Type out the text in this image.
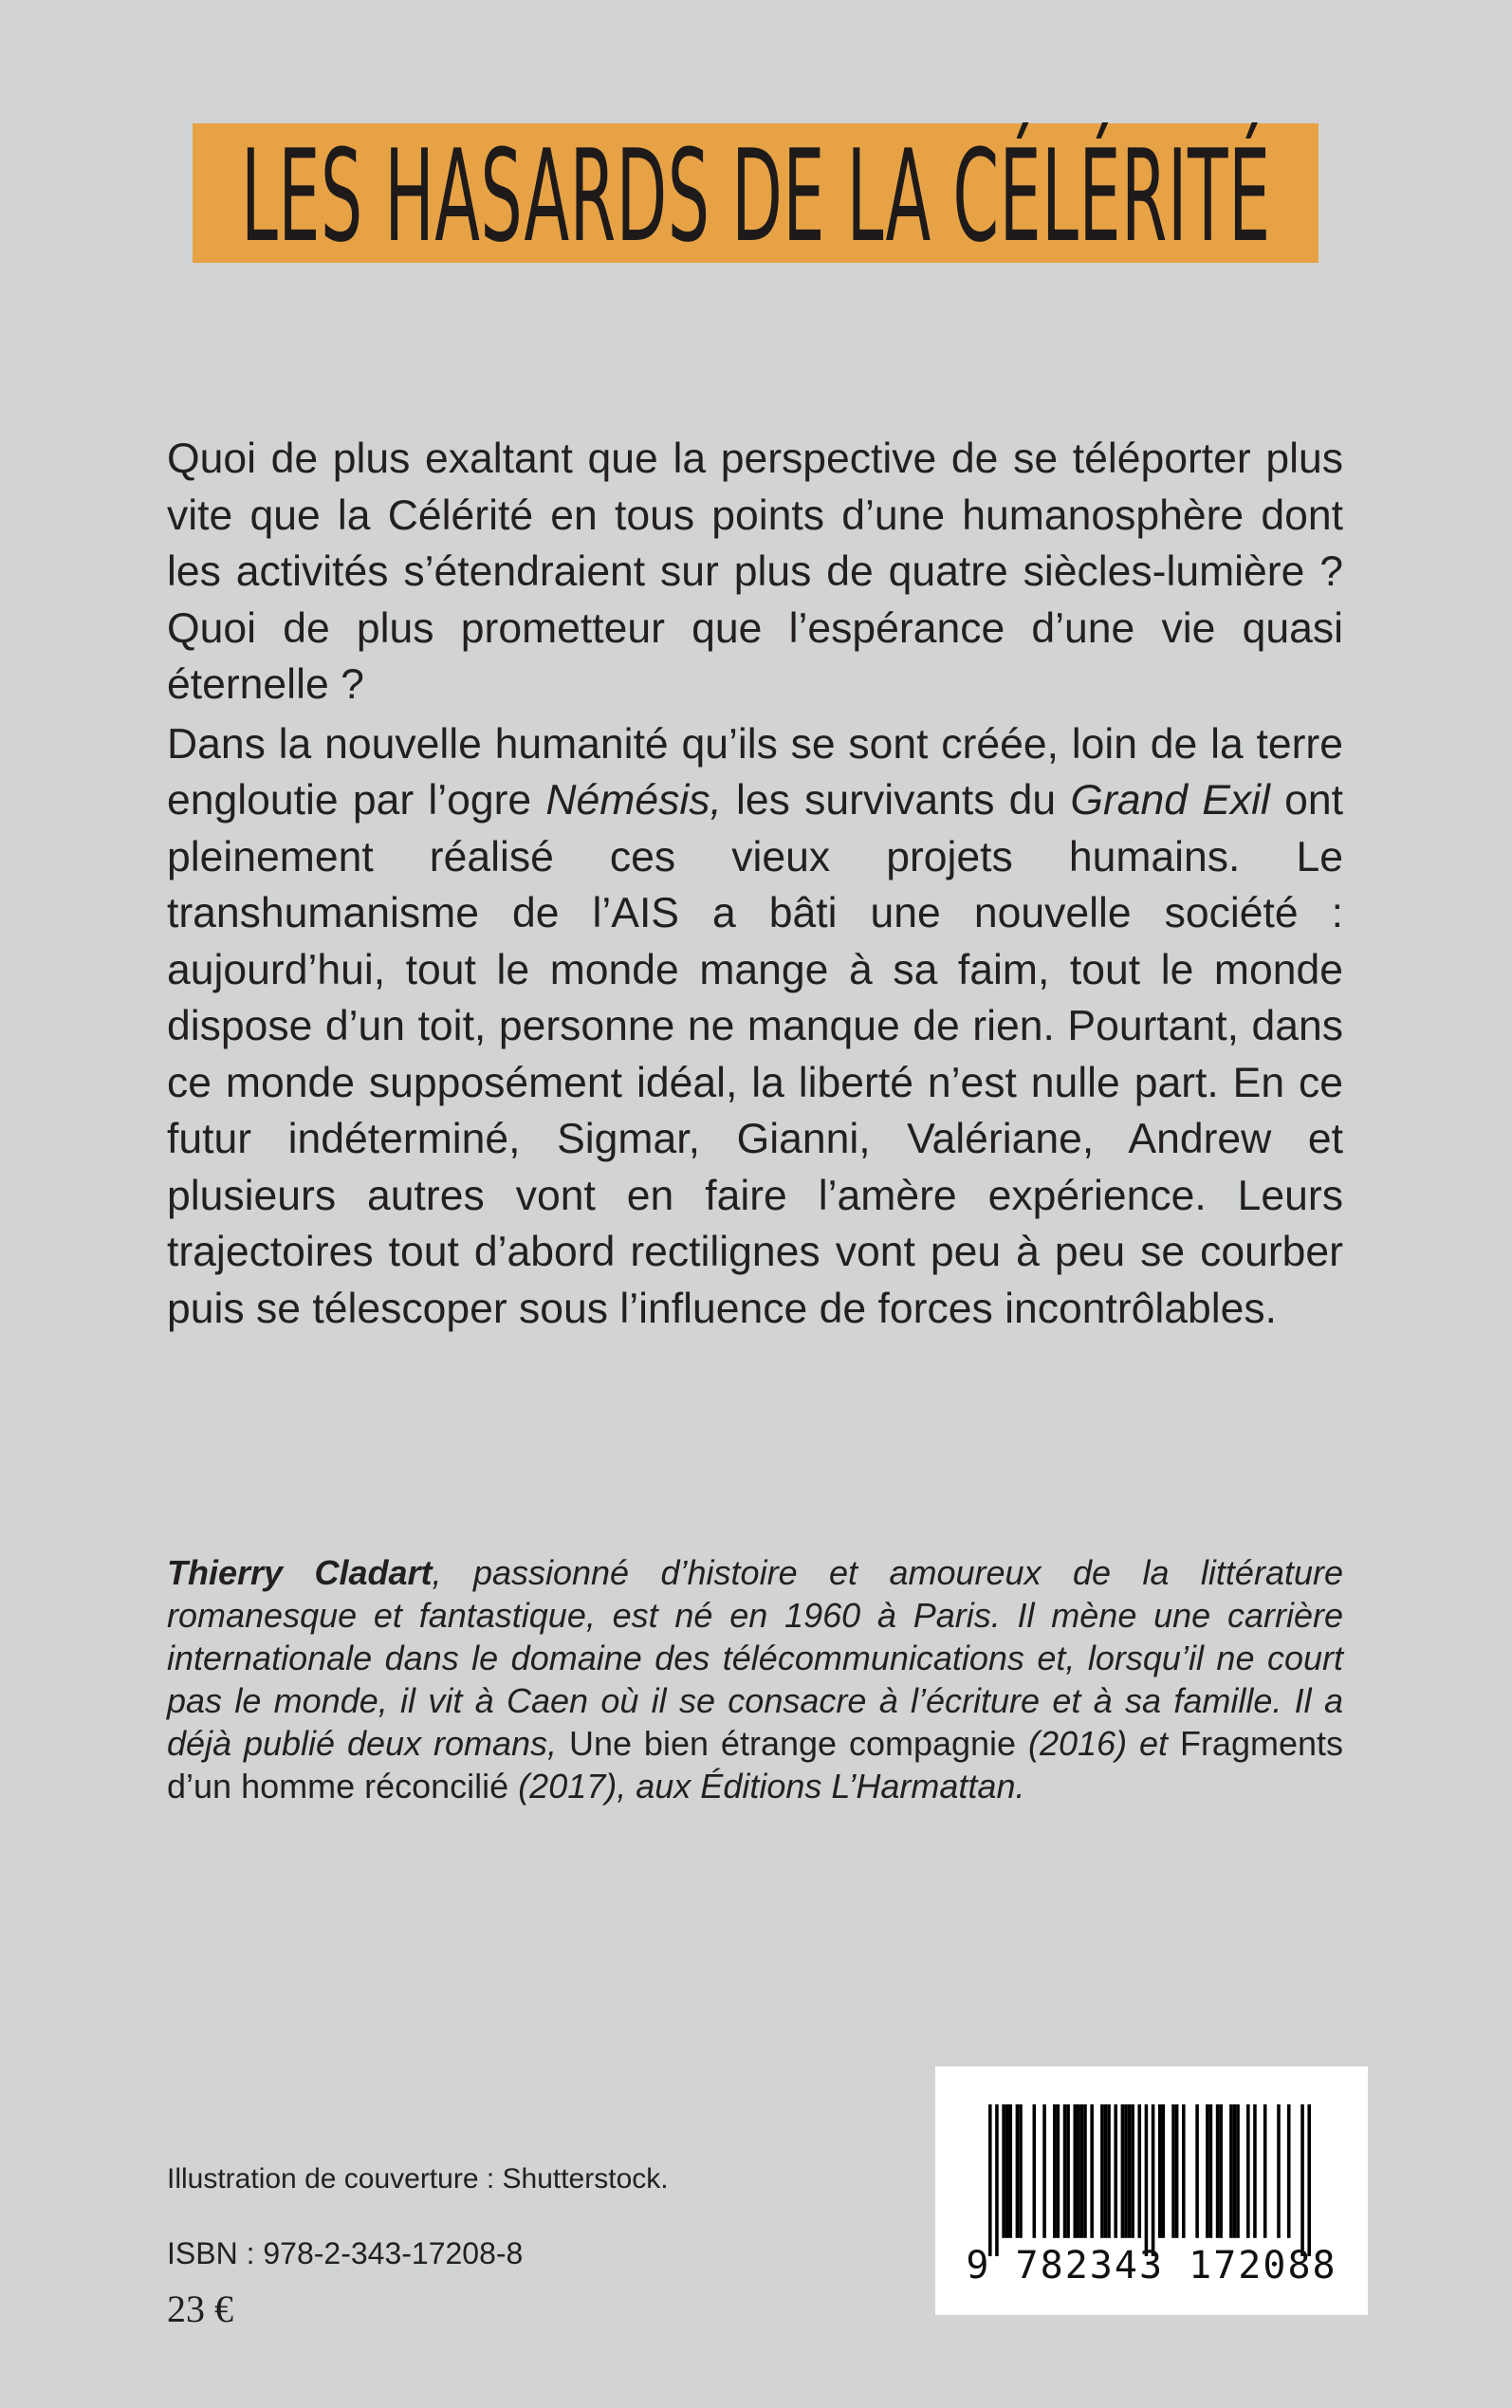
LES HASARDS DE LA CÉLÉRITÉ

Quoi de plus exaltant que la perspective de se téléporter plus vite que la Célérité en tous points d’une humanosphère dont les activités s’étendraient sur plus de quatre siècles-lumière ? Quoi de plus prometteur que l’espérance d’une vie quasi éternelle ?

Dans la nouvelle humanité qu’ils se sont créée, loin de la terre engloutie par l’ogre Némésis, les survivants du Grand Exil ont pleinement réalisé ces vieux projets humains. Le transhumanisme de l’AIS a bâti une nouvelle société : aujourd’hui, tout le monde mange à sa faim, tout le monde dispose d’un toit, personne ne manque de rien. Pourtant, dans ce monde supposément idéal, la liberté n’est nulle part. En ce futur indéterminé, Sigmar, Gianni, Valériane, Andrew et plusieurs autres vont en faire l’amère expérience. Leurs trajectoires tout d’abord rectilignes vont peu à peu se courber puis se télescoper sous l’influence de forces incontrôlables.

Thierry Cladart, passionné d’histoire et amoureux de la littérature romanesque et fantastique, est né en 1960 à Paris. Il mène une carrière internationale dans le domaine des télécommunications et, lorsqu’il ne court pas le monde, il vit à Caen où il se consacre à l’écriture et à sa famille. Il a déjà publié deux romans, Une bien étrange compagnie (2016) et Fragments d’un homme réconcilié (2017), aux Éditions L’Harmattan.

Illustration de couverture : Shutterstock.
ISBN : 978-2-343-17208-8
23 €
9 782343 172088
